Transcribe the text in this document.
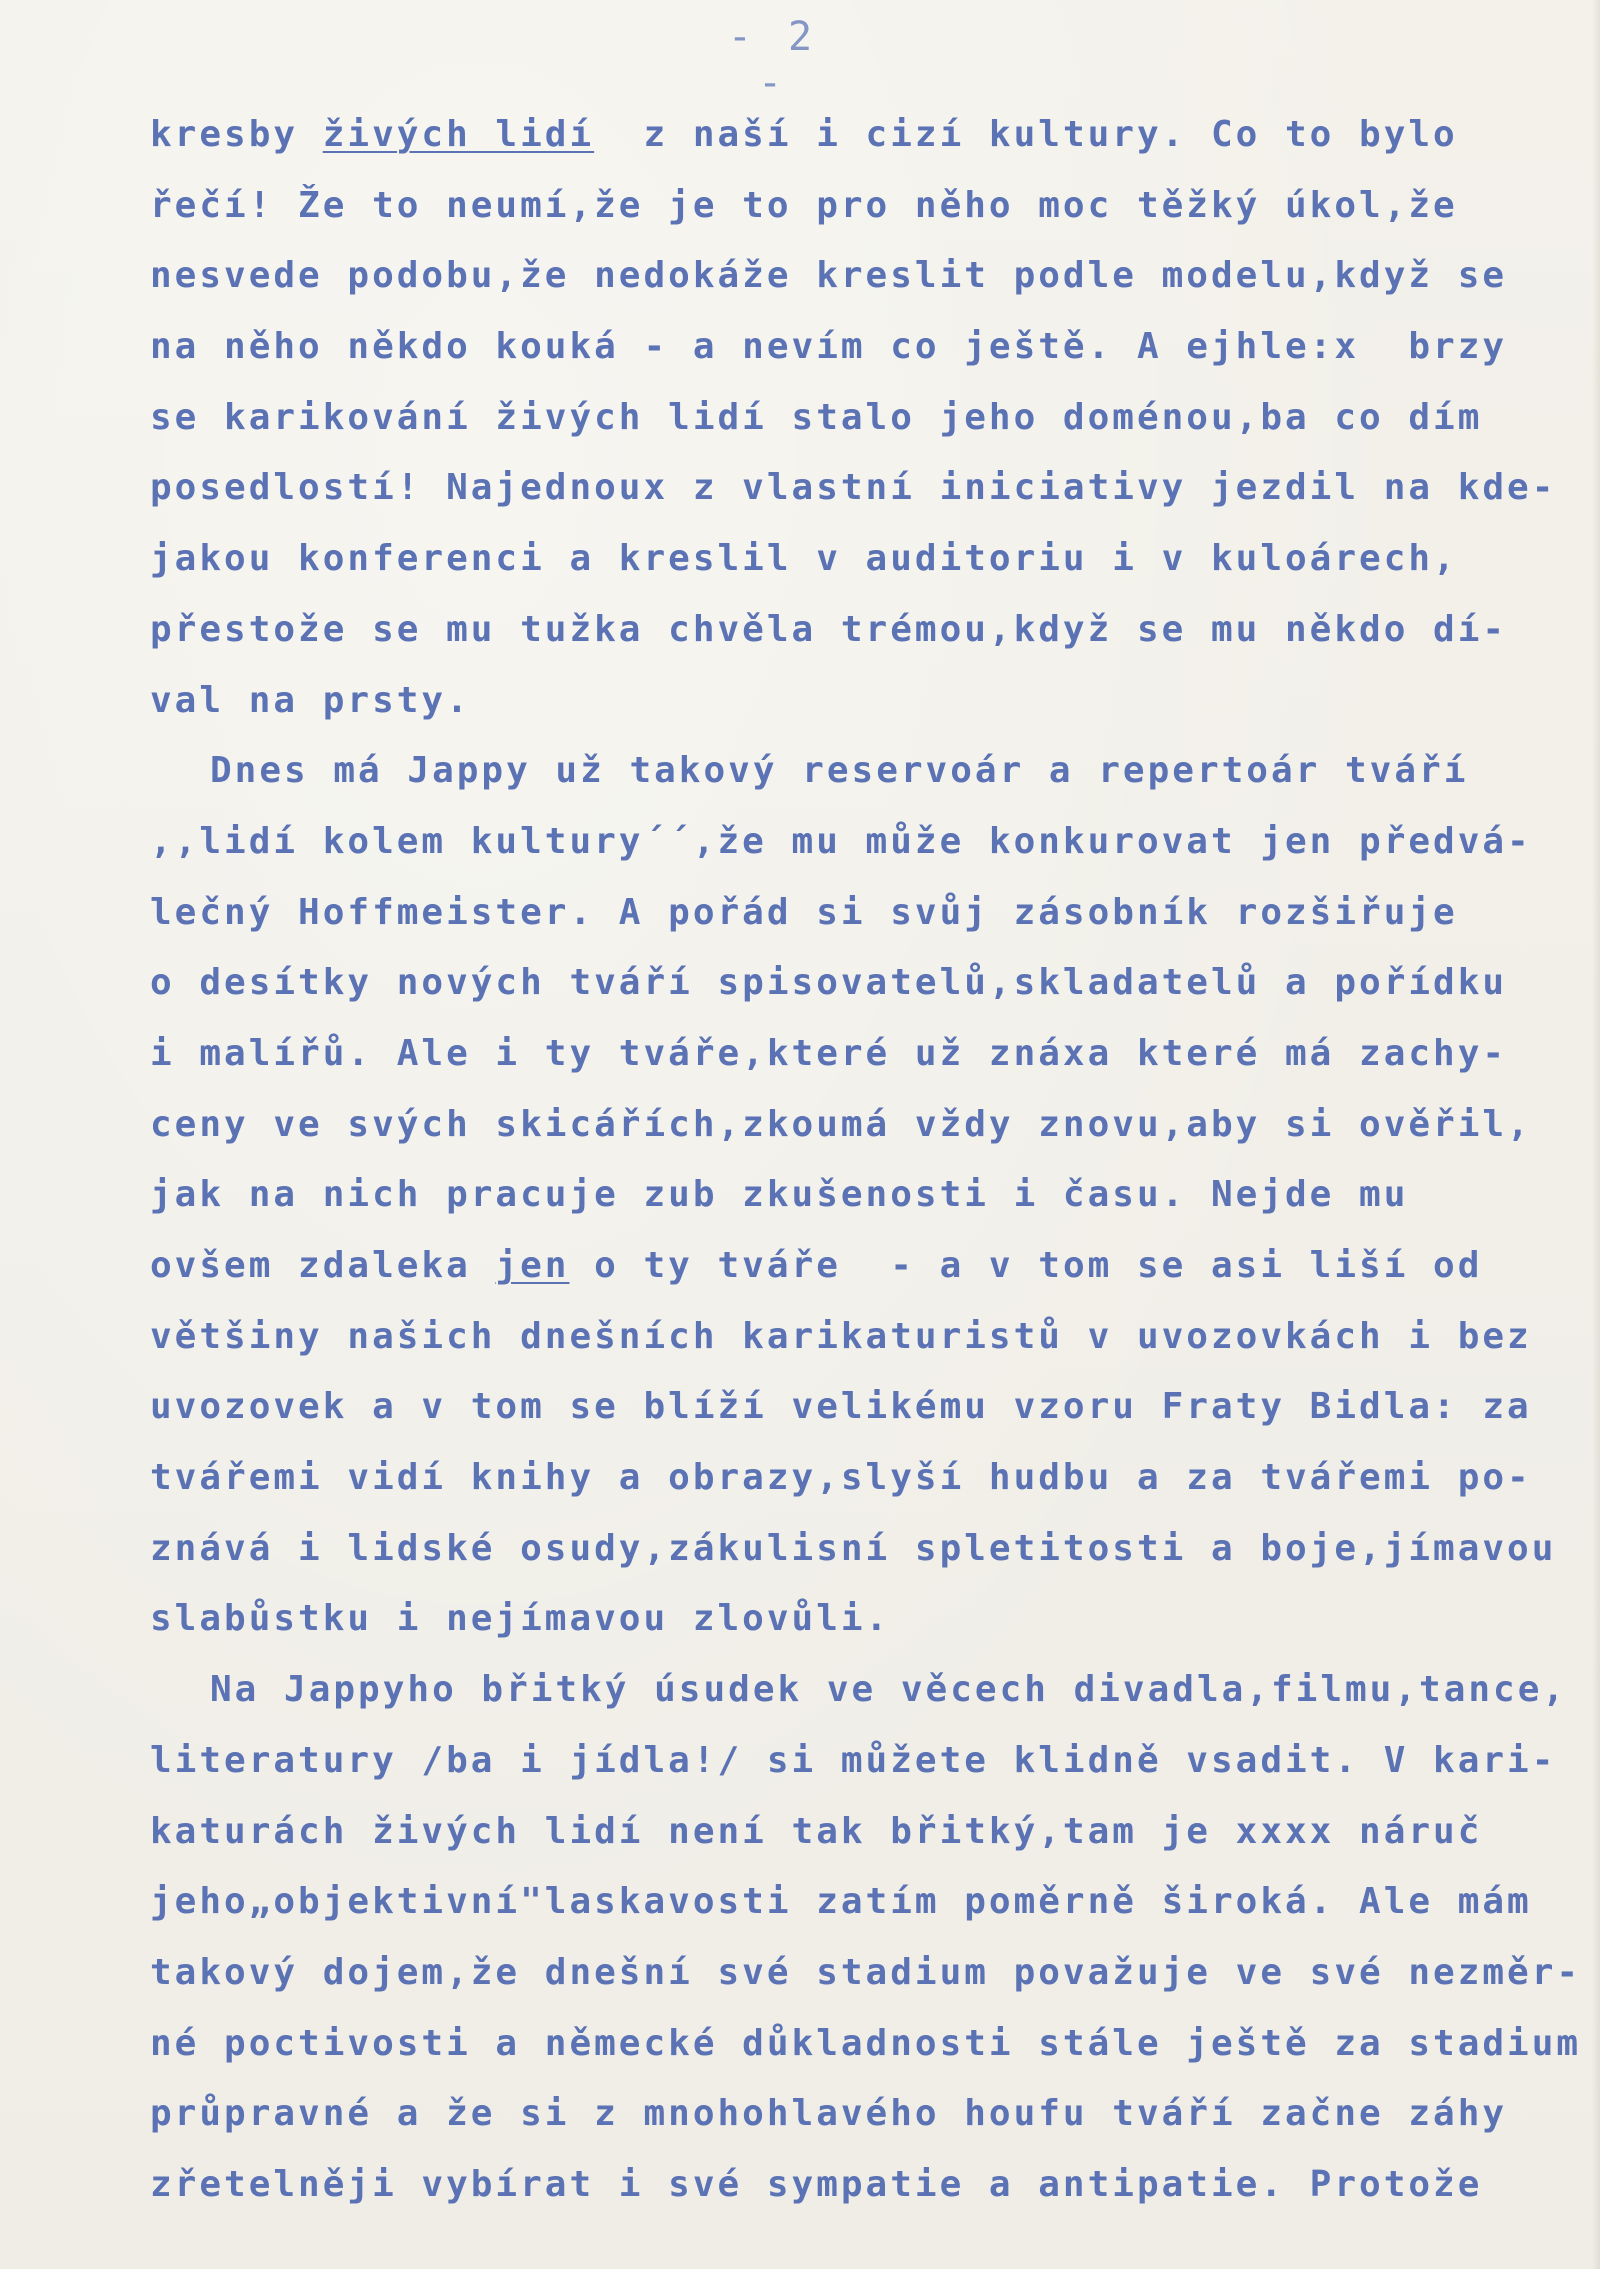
- 2 -
kresby živých lidí  z naší i cizí kultury. Co to bylo
řečí! Že to neumí,že je to pro něho moc těžký úkol,že
nesvede podobu,že nedokáže kreslit podle modelu,když se
na něho někdo kouká - a nevím co ještě. A ejhle:x  brzy
se karikování živých lidí stalo jeho doménou,ba co dím
posedlostí! Najednoux z vlastní iniciativy jezdil na kde-
jakou konferenci a kreslil v auditoriu i v kuloárech,
přestože se mu tužka chvěla trémou,když se mu někdo dí-
val na prsty.
Dnes má Jappy už takový reservoár a repertoár tváří
,,lidí kolem kultury´´,že mu může konkurovat jen předvá-
lečný Hoffmeister. A pořád si svůj zásobník rozšiřuje
o desítky nových tváří spisovatelů,skladatelů a pořídku
i malířů. Ale i ty tváře,které už znáxa které má zachy-
ceny ve svých skicářích,zkoumá vždy znovu,aby si ověřil,
jak na nich pracuje zub zkušenosti i času. Nejde mu
ovšem zdaleka jen o ty tváře  - a v tom se asi liší od
většiny našich dnešních karikaturistů v uvozovkách i bez
uvozovek a v tom se blíží velikému vzoru Fraty Bidla: za
tvářemi vidí knihy a obrazy,slyší hudbu a za tvářemi po-
znává i lidské osudy,zákulisní spletitosti a boje,jímavou
slabůstku i nejímavou zlovůli.
Na Jappyho břitký úsudek ve věcech divadla,filmu,tance,
literatury /ba i jídla!/ si můžete klidně vsadit. V kari-
katurách živých lidí není tak břitký,tam je xxxx náruč
jeho„objektivní"laskavosti zatím poměrně široká. Ale mám
takový dojem,že dnešní své stadium považuje ve své nezměr-
né poctivosti a německé důkladnosti stále ještě za stadium
průpravné a že si z mnohohlavého houfu tváří začne záhy
zřetelněji vybírat i své sympatie a antipatie. Protože
